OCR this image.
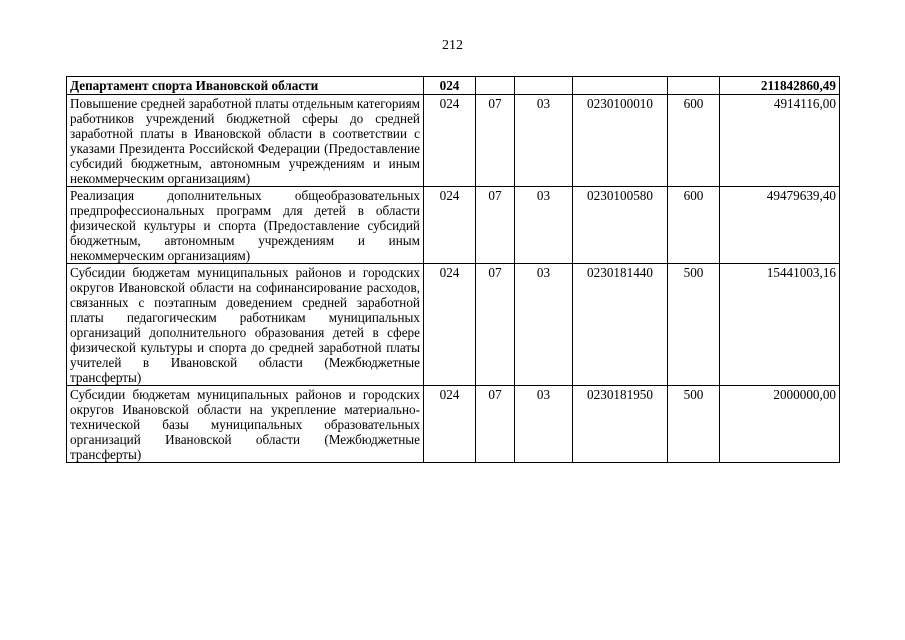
212
Департамент спорта Ивановской области	024					211842860,49
Повышение средней заработной платы отдельным категориям работников учреждений бюджетной сферы до средней заработной платы в Ивановской области в соответствии с указами Президента Российской Федерации (Предоставление субсидий бюджетным, автономным учреждениям и иным некоммерческим организациям)	024	07	03	0230100010	600	4914116,00
Реализация дополнительных общеобразовательных предпрофессиональных программ для детей в области физической культуры и спорта (Предоставление субсидий бюджетным, автономным учреждениям и иным некоммерческим организациям)	024	07	03	0230100580	600	49479639,40
Субсидии бюджетам муниципальных районов и городских округов Ивановской области на софинансирование расходов, связанных с поэтапным доведением средней заработной платы педагогическим работникам муниципальных организаций дополнительного образования детей в сфере физической культуры и спорта до средней заработной платы учителей в Ивановской области (Межбюджетные трансферты)	024	07	03	0230181440	500	15441003,16
Субсидии бюджетам муниципальных районов и городских округов Ивановской области на укрепление материально-технической базы муниципальных образовательных организаций Ивановской области (Межбюджетные трансферты)	024	07	03	0230181950	500	2000000,00
